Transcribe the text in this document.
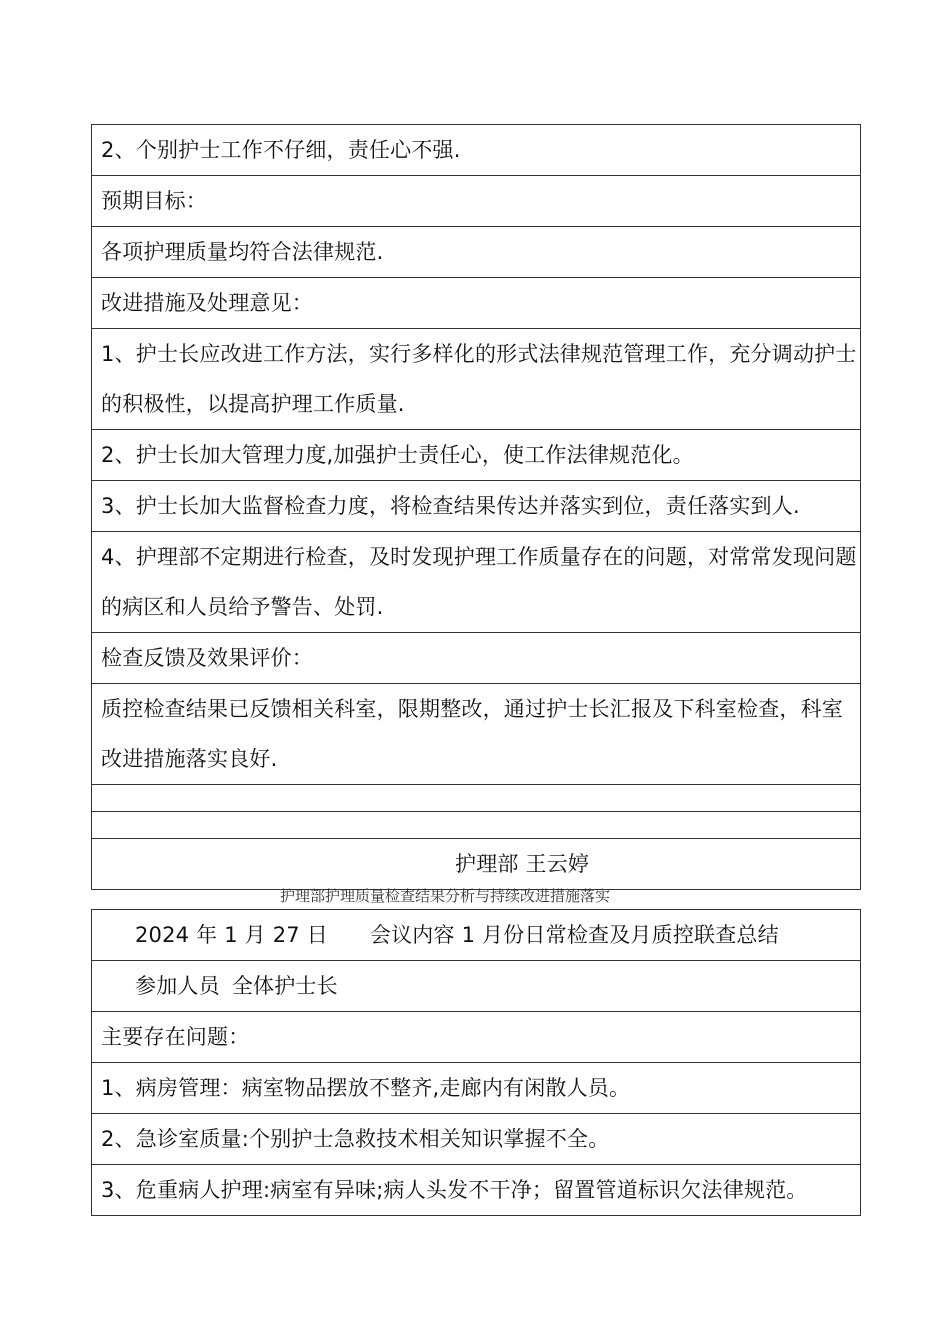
2、个别护士工作不仔细，责任心不强.
预期目标：
各项护理质量均符合法律规范.
改进措施及处理意见：
1、护士长应改进工作方法，实行多样化的形式法律规范管理工作，充分调动护士的积极性，以提高护理工作质量.
2、护士长加大管理力度,加强护士责任心，使工作法律规范化。
3、护士长加大监督检查力度，将检查结果传达并落实到位，责任落实到人.
4、护理部不定期进行检查，及时发现护理工作质量存在的问题，对常常发现问题的病区和人员给予警告、处罚.
检查反馈及效果评价：
质控检查结果已反馈相关科室，限期整改，通过护士长汇报及下科室检查，科室改进措施落实良好.

护理部 王云婷
护理部护理质量检查结果分析与持续改进措施落实
2024 年 1 月 27 日 会议内容 1 月份日常检查及月质控联查总结
参加人员 全体护士长
主要存在问题：
1、病房管理：病室物品摆放不整齐,走廊内有闲散人员。
2、急诊室质量:个别护士急救技术相关知识掌握不全。
3、危重病人护理:病室有异味;病人头发不干净；留置管道标识欠法律规范。
